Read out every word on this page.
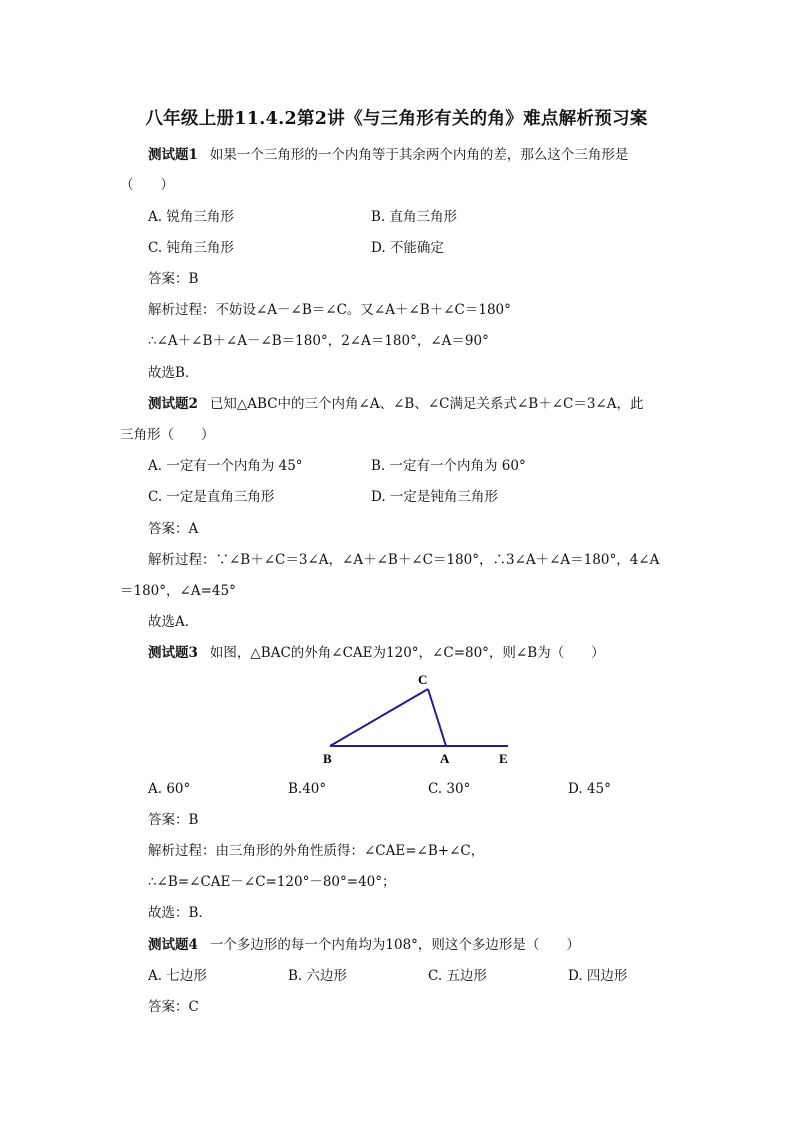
八年级上册11.4.2第2讲《与三角形有关的角》难点解析预习案
测试题1 如果一个三角形的一个内角等于其余两个内角的差，那么这个三角形是
（　　）
A. 锐角三角形	B. 直角三角形
C. 钝角三角形	D. 不能确定
答案：B
解析过程：不妨设∠A－∠B＝∠C。又∠A＋∠B＋∠C＝180°
∴∠A＋∠B＋∠A－∠B＝180°，2∠A＝180°，∠A＝90°
故选B．
测试题2 已知△ABC中的三个内角∠A、∠B、∠C满足关系式∠B＋∠C＝3∠A，此
三角形（　　）
A. 一定有一个内角为 45°	B. 一定有一个内角为 60°
C. 一定是直角三角形	D. 一定是钝角三角形
答案：A
解析过程：∵∠B＋∠C＝3∠A，∠A＋∠B＋∠C＝180°，∴3∠A＋∠A＝180°，4∠A
＝180°，∠A=45°
故选A.
测试题3 如图，△BAC的外角∠CAE为120°，∠C=80°，则∠B为（　　）
C
B	A	E
A. 60°	B.40°	C. 30°	D. 45°
答案：B
解析过程：由三角形的外角性质得：∠CAE=∠B+∠C，
∴∠B=∠CAE－∠C=120°－80°=40°；
故选：B．
测试题4 一个多边形的每一个内角均为108°，则这个多边形是（　　）
A. 七边形	B. 六边形	C. 五边形	D. 四边形
答案：C
